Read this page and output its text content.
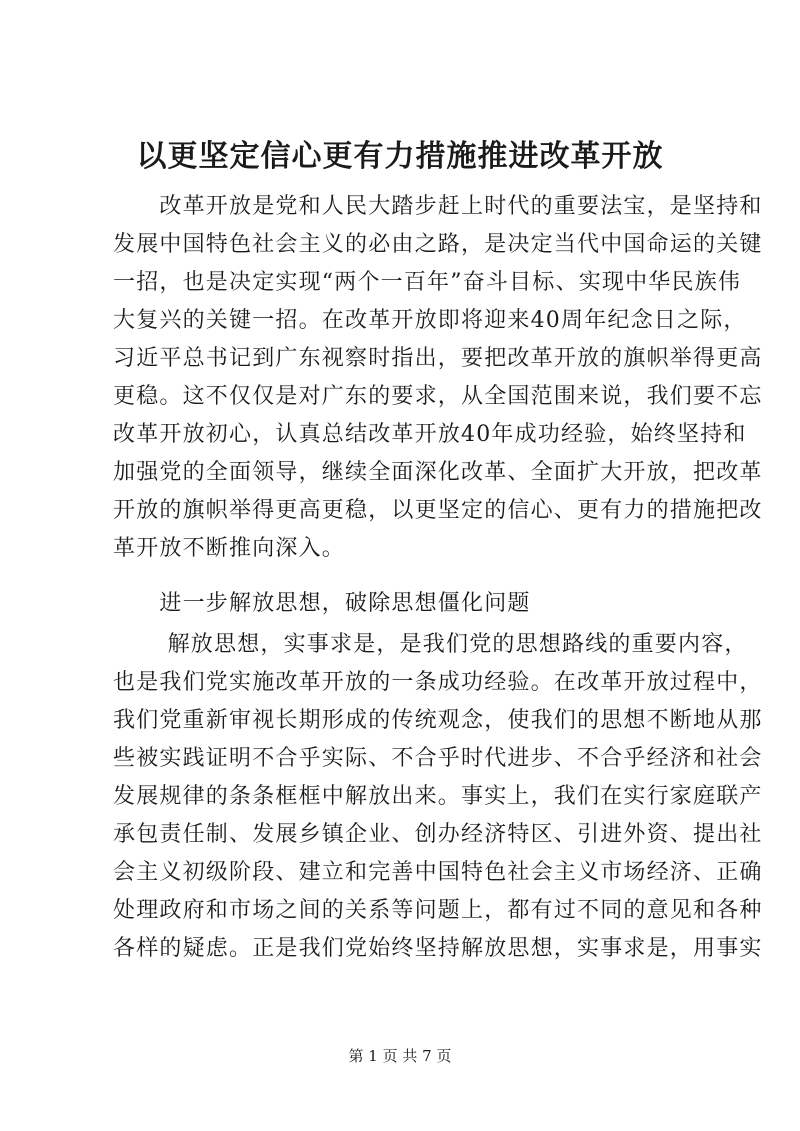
以更坚定信心更有力措施推进改革开放
　　改革开放是党和人民大踏步赶上时代的重要法宝，是坚持和
发展中国特色社会主义的必由之路，是决定当代中国命运的关键
一招，也是决定实现“两个一百年”奋斗目标、实现中华民族伟
大复兴的关键一招。在改革开放即将迎来40周年纪念日之际，
习近平总书记到广东视察时指出，要把改革开放的旗帜举得更高
更稳。这不仅仅是对广东的要求，从全国范围来说，我们要不忘
改革开放初心，认真总结改革开放40年成功经验，始终坚持和
加强党的全面领导，继续全面深化改革、全面扩大开放，把改革
开放的旗帜举得更高更稳，以更坚定的信心、更有力的措施把改
革开放不断推向深入。
　　进一步解放思想，破除思想僵化问题
　　 解放思想，实事求是，是我们党的思想路线的重要内容，
也是我们党实施改革开放的一条成功经验。在改革开放过程中，
我们党重新审视长期形成的传统观念，使我们的思想不断地从那
些被实践证明不合乎实际、不合乎时代进步、不合乎经济和社会
发展规律的条条框框中解放出来。事实上，我们在实行家庭联产
承包责任制、发展乡镇企业、创办经济特区、引进外资、提出社
会主义初级阶段、建立和完善中国特色社会主义市场经济、正确
处理政府和市场之间的关系等问题上，都有过不同的意见和各种
各样的疑虑。正是我们党始终坚持解放思想，实事求是，用事实
第 1 页 共 7 页
